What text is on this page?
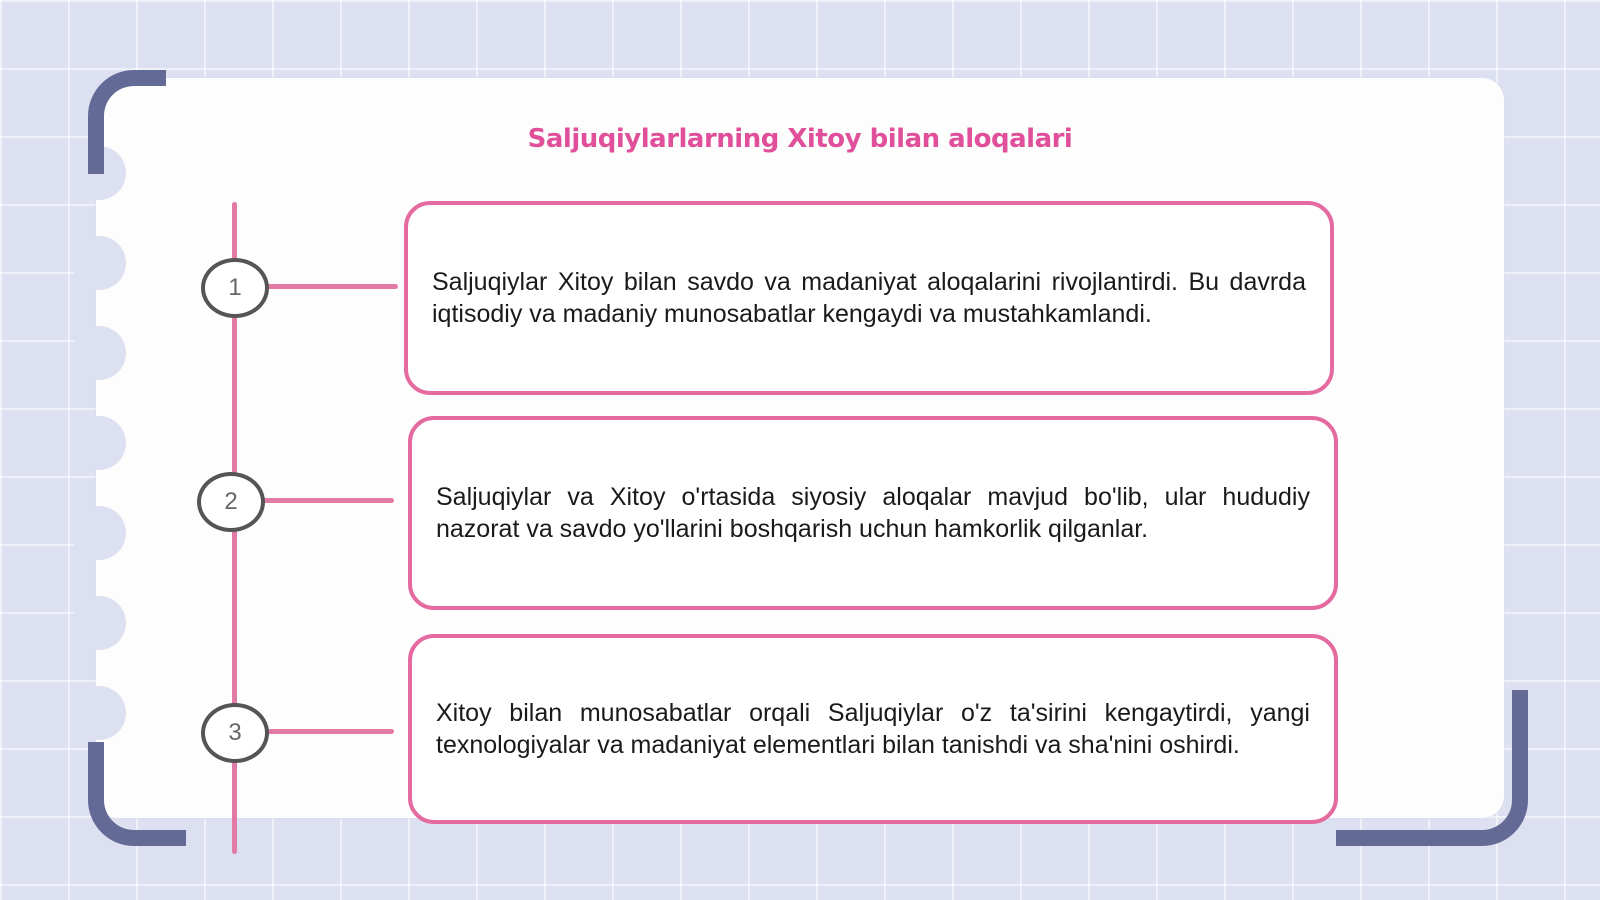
Saljuqiylarlarning Xitoy bilan aloqalari
1	Saljuqiylar Xitoy bilan savdo va madaniyat aloqalarini rivojlantirdi. Bu davrda iqtisodiy va madaniy munosabatlar kengaydi va mustahkamlandi.
2	Saljuqiylar va Xitoy o'rtasida siyosiy aloqalar mavjud bo'lib, ular hududiy nazorat va savdo yo'llarini boshqarish uchun hamkorlik qilganlar.
3
Xitoy bilan munosabatlar orqali Saljuqiylar o'z ta'sirini kengaytirdi, yangi texnologiyalar va madaniyat elementlari bilan tanishdi va sha'nini oshirdi.
